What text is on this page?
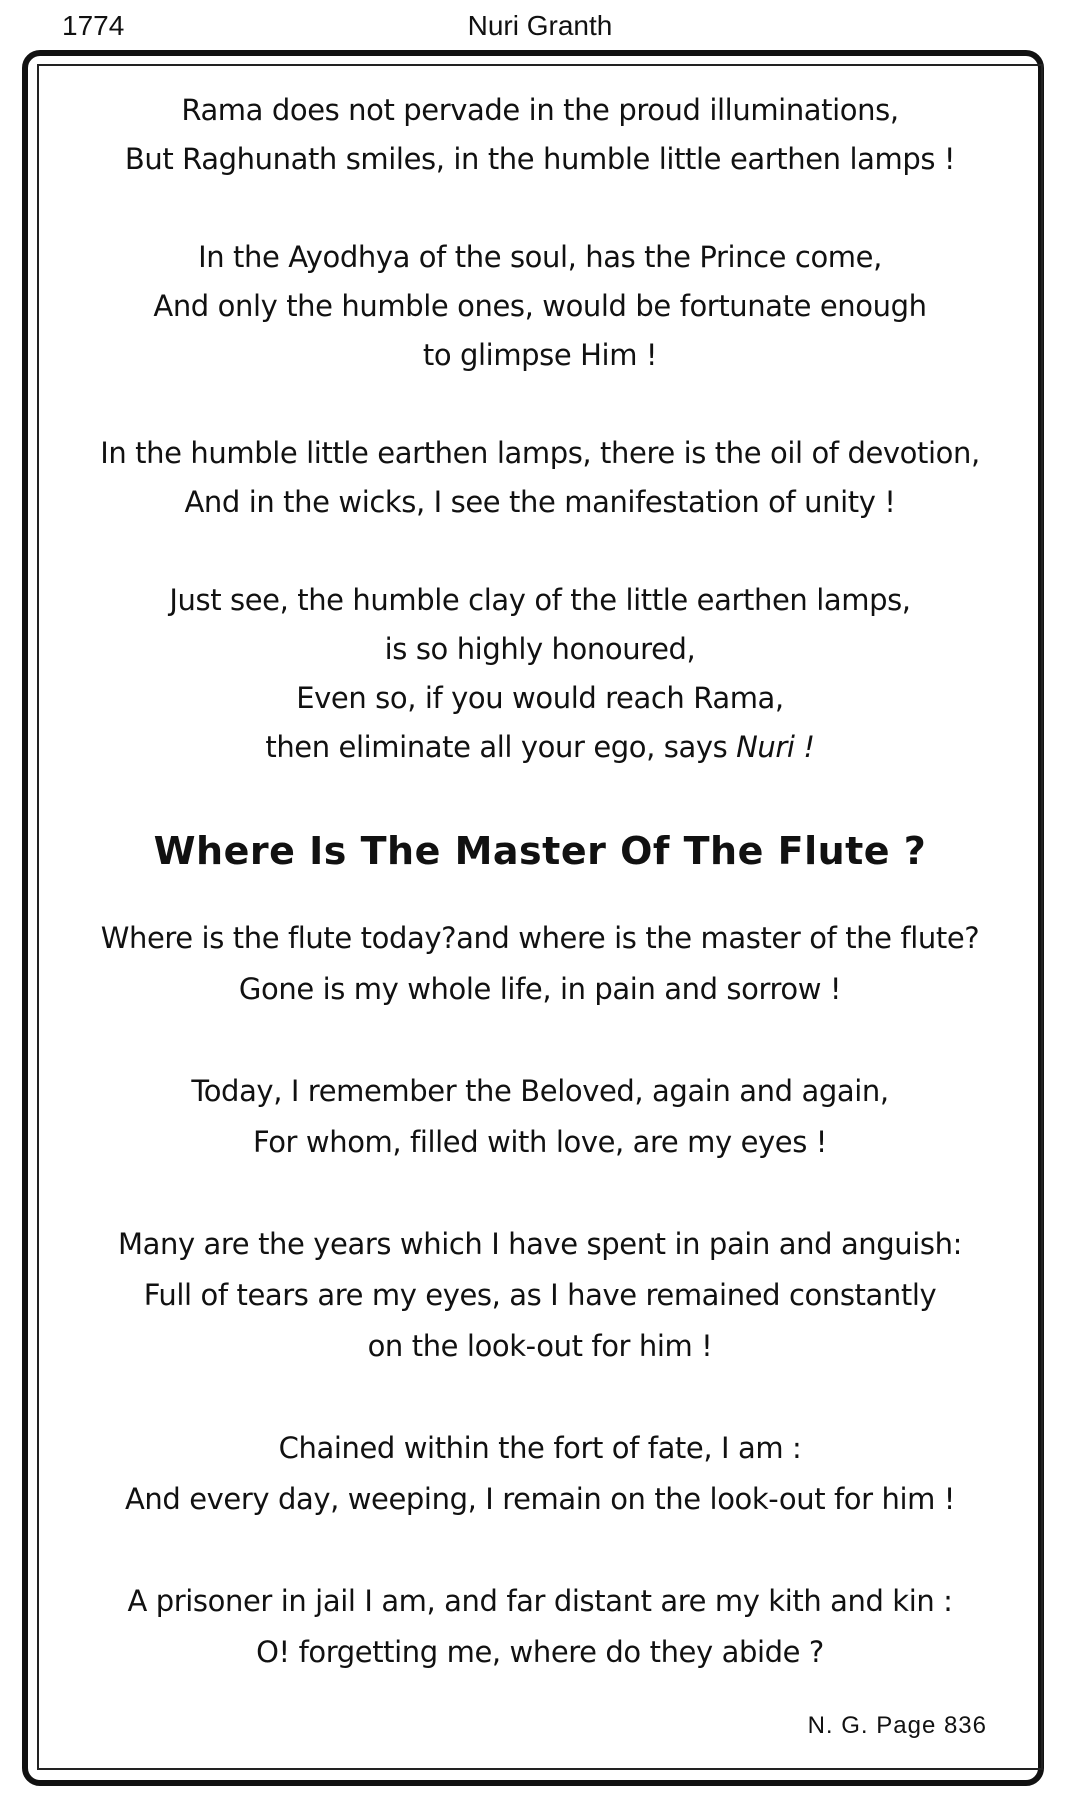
1774	Nuri Granth
Rama does not pervade in the proud illuminations,
But Raghunath smiles, in the humble little earthen lamps !
In the Ayodhya of the soul, has the Prince come,
And only the humble ones, would be fortunate enough
to glimpse Him !
In the humble little earthen lamps, there is the oil of devotion,
And in the wicks, I see the manifestation of unity !
Just see, the humble clay of the little earthen lamps,
is so highly honoured,
Even so, if you would reach Rama,
then eliminate all your ego, says Nuri !
Where Is The Master Of The Flute ?
Where is the flute today?and where is the master of the flute?
Gone is my whole life, in pain and sorrow !
Today, I remember the Beloved, again and again,
For whom, filled with love, are my eyes !
Many are the years which I have spent in pain and anguish:
Full of tears are my eyes, as I have remained constantly
on the look-out for him !
Chained within the fort of fate, I am :
And every day, weeping, I remain on the look-out for him !
A prisoner in jail I am, and far distant are my kith and kin :
O! forgetting me, where do they abide ?
N. G. Page 836
